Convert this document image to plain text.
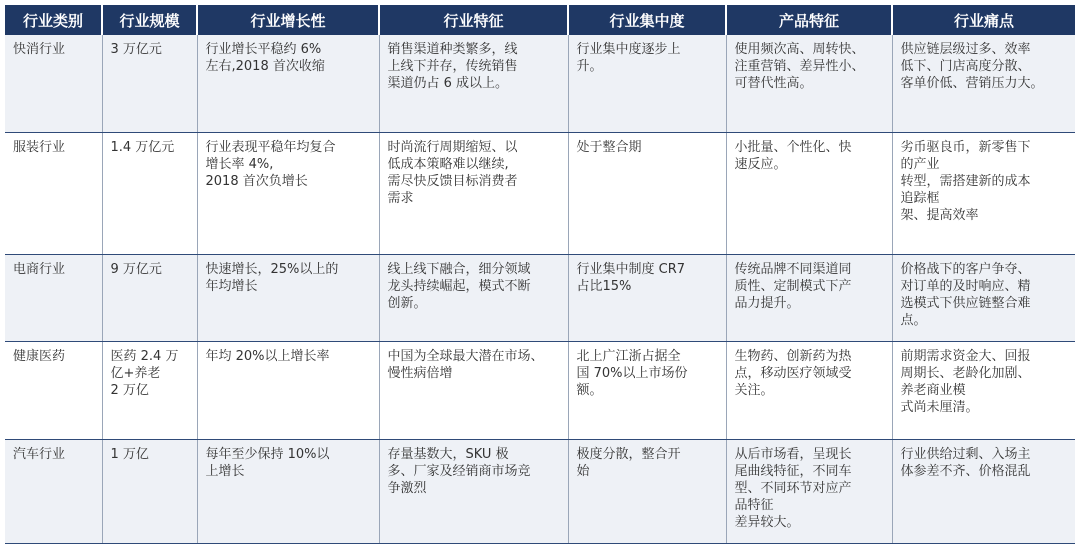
行业类别	行业规模	行业增长性	行业特征	行业集中度	产品特征	行业痛点

快消行业	3 万亿元	行业增长平稳约 6%
左右,2018 首次收缩	销售渠道种类繁多，线
上线下并存，传统销售
渠道仍占 6 成以上。	行业集中度逐步上
升。	使用频次高、周转快、
注重营销、差异性小、
可替代性高。	供应链层级过多、效率
低下、门店高度分散、
客单价低、营销压力大。

服装行业	1.4 万亿元	行业表现平稳年均复合
增长率 4%,
2018 首次负增长	时尚流行周期缩短、以
低成本策略难以继续,
需尽快反馈目标消费者
需求	处于整合期	小批量、个性化、快
速反应。	劣币驱良币，新零售下
的产业
转型，需搭建新的成本
追踪框
架、提高效率

电商行业	9 万亿元	快速增长，25%以上的
年均增长	线上线下融合，细分领域
龙头持续崛起，模式不断
创新。	行业集中制度 CR7
占比15%	传统品牌不同渠道同
质性、定制模式下产
品力提升。	价格战下的客户争夺、
对订单的及时响应、精
选模式下供应链整合难
点。

健康医药	医药 2.4 万
亿+养老
2 万亿	年均 20%以上增长率	中国为全球最大潜在市场、
慢性病倍增	北上广江浙占据全
国 70%以上市场份
额。	生物药、创新药为热
点，移动医疗领域受
关注。	前期需求资金大、回报
周期长、老龄化加剧、
养老商业模
式尚未厘清。

汽车行业	1 万亿	每年至少保持 10%以
上增长	存量基数大，SKU 极
多、厂家及经销商市场竞
争激烈	极度分散，整合开
始	从后市场看，呈现长
尾曲线特征，不同车
型、不同环节对应产
品特征
差异较大。	行业供给过剩、入场主
体参差不齐、价格混乱
